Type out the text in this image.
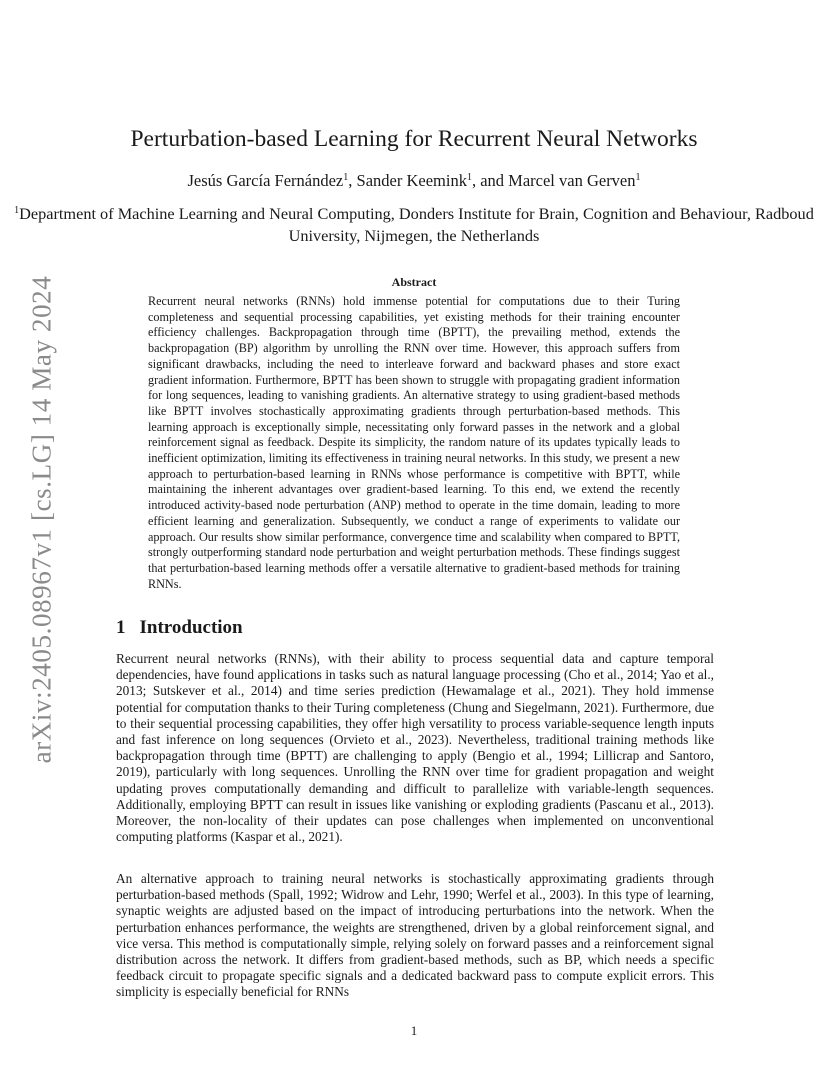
arXiv:2405.08967v1 [cs.LG] 14 May 2024
Perturbation-based Learning for Recurrent Neural Networks
Jesús García Fernández$^1$, Sander Keemink$^1$, and Marcel van Gerven$^1$
$^1$Department of Machine Learning and Neural Computing, Donders Institute for Brain, Cognition and Behaviour, Radboud University, Nijmegen, the Netherlands
Abstract
Recurrent neural networks (RNNs) hold immense potential for computations due to their Turing completeness and sequential processing capabilities, yet existing methods for their training encounter efficiency challenges. Backpropagation through time (BPTT), the prevailing method, extends the backpropagation (BP) algorithm by unrolling the RNN over time. However, this approach suffers from significant drawbacks, including the need to interleave forward and backward phases and store exact gradient information. Furthermore, BPTT has been shown to struggle with propagating gradient information for long sequences, leading to vanishing gradients. An alternative strategy to using gradient-based methods like BPTT involves stochastically approximating gradients through perturbation-based methods. This learning approach is exceptionally simple, necessitating only forward passes in the network and a global reinforcement signal as feedback. Despite its simplicity, the random nature of its updates typically leads to inefficient optimization, limiting its effectiveness in training neural networks. In this study, we present a new approach to perturbation-based learning in RNNs whose performance is competitive with BPTT, while maintaining the inherent advantages over gradient-based learning. To this end, we extend the recently introduced activity-based node perturbation (ANP) method to operate in the time domain, leading to more efficient learning and generalization. Subsequently, we conduct a range of experiments to validate our approach. Our results show similar performance, convergence time and scalability when compared to BPTT, strongly outperforming standard node perturbation and weight perturbation methods. These findings suggest that perturbation-based learning methods offer a versatile alternative to gradient-based methods for training RNNs.
1 Introduction
Recurrent neural networks (RNNs), with their ability to process sequential data and capture temporal dependencies, have found applications in tasks such as natural language processing (Cho et al., 2014; Yao et al., 2013; Sutskever et al., 2014) and time series prediction (Hewamalage et al., 2021). They hold immense potential for computation thanks to their Turing completeness (Chung and Siegelmann, 2021). Furthermore, due to their sequential processing capabilities, they offer high versatility to process variable-sequence length inputs and fast inference on long sequences (Orvieto et al., 2023). Nevertheless, traditional training methods like backpropagation through time (BPTT) are challenging to apply (Bengio et al., 1994; Lillicrap and Santoro, 2019), particularly with long sequences. Unrolling the RNN over time for gradient propagation and weight updating proves computationally demanding and difficult to parallelize with variable-length sequences. Additionally, employing BPTT can result in issues like vanishing or exploding gradients (Pascanu et al., 2013). Moreover, the non-locality of their updates can pose challenges when implemented on unconventional computing platforms (Kaspar et al., 2021).
An alternative approach to training neural networks is stochastically approximating gradients through perturbation-based methods (Spall, 1992; Widrow and Lehr, 1990; Werfel et al., 2003). In this type of learning, synaptic weights are adjusted based on the impact of introducing perturbations into the network. When the perturbation enhances performance, the weights are strengthened, driven by a global reinforcement signal, and vice versa. This method is computationally simple, relying solely on forward passes and a reinforcement signal distribution across the network. It differs from gradient-based methods, such as BP, which needs a specific feedback circuit to propagate specific signals and a dedicated backward pass to compute explicit errors. This simplicity is especially beneficial for RNNs
1
